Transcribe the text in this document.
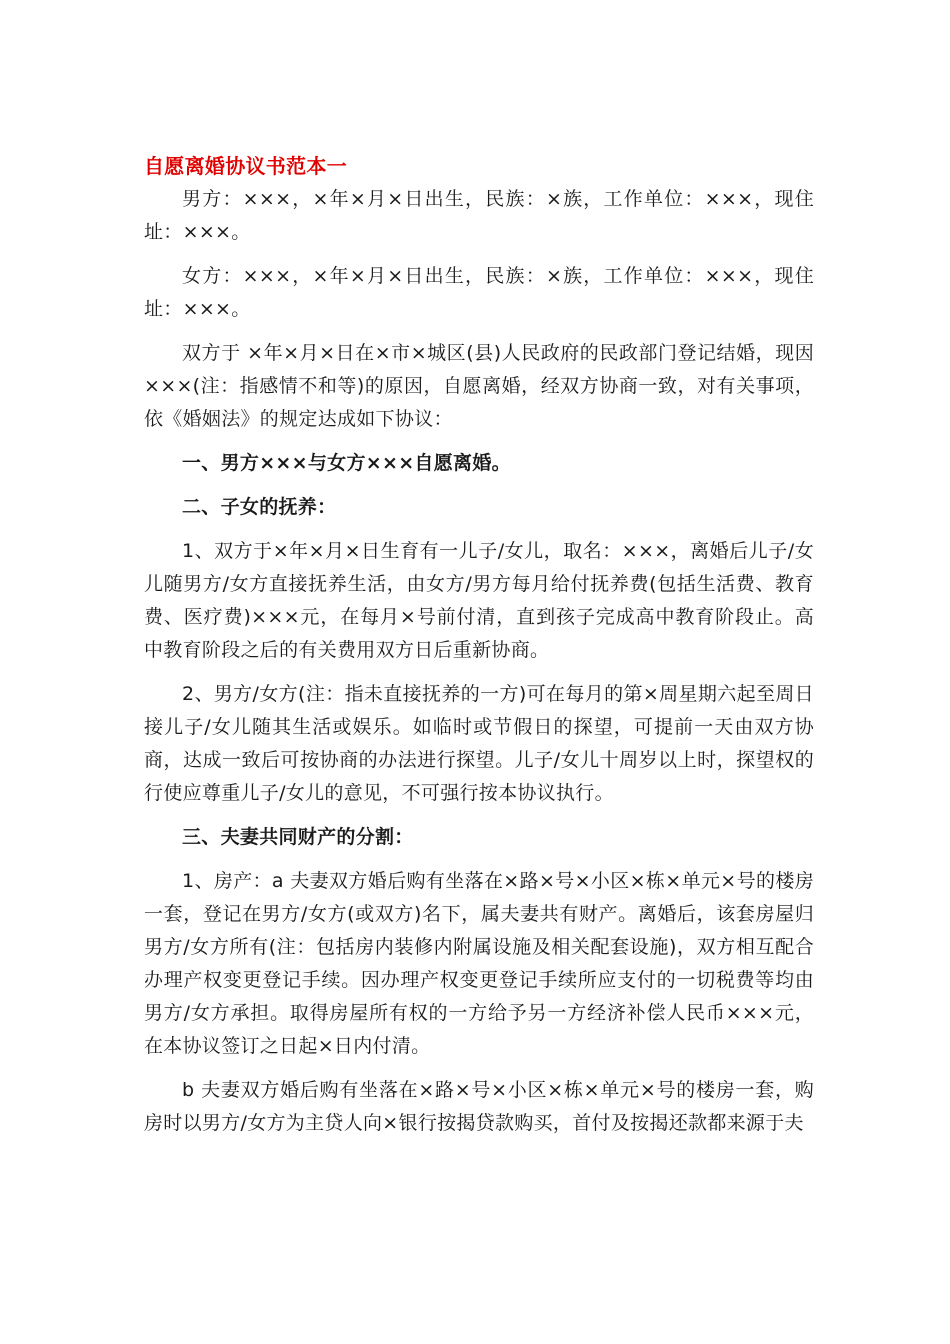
自愿离婚协议书范本一

男方：×××，×年×月×日出生，民族：×族，工作单位：×××，现住址：×××。

女方：×××，×年×月×日出生，民族：×族，工作单位：×××，现住址：×××。

双方于 ×年×月×日在×市×城区(县)人民政府的民政部门登记结婚，现因×××(注：指感情不和等)的原因，自愿离婚，经双方协商一致，对有关事项，依《婚姻法》的规定达成如下协议：

一、男方×××与女方×××自愿离婚。

二、子女的抚养：

1、双方于×年×月×日生育有一儿子/女儿，取名：×××，离婚后儿子/女儿随男方/女方直接抚养生活，由女方/男方每月给付抚养费(包括生活费、教育费、医疗费)×××元，在每月×号前付清，直到孩子完成高中教育阶段止。高中教育阶段之后的有关费用双方日后重新协商。

2、男方/女方(注：指未直接抚养的一方)可在每月的第×周星期六起至周日接儿子/女儿随其生活或娱乐。如临时或节假日的探望，可提前一天由双方协商，达成一致后可按协商的办法进行探望。儿子/女儿十周岁以上时，探望权的行使应尊重儿子/女儿的意见，不可强行按本协议执行。

三、夫妻共同财产的分割：

1、房产：a 夫妻双方婚后购有坐落在×路×号×小区×栋×单元×号的楼房一套，登记在男方/女方(或双方)名下，属夫妻共有财产。离婚后，该套房屋归男方/女方所有(注：包括房内装修内附属设施及相关配套设施)，双方相互配合办理产权变更登记手续。因办理产权变更登记手续所应支付的一切税费等均由男方/女方承担。取得房屋所有权的一方给予另一方经济补偿人民币×××元，在本协议签订之日起×日内付清。

b 夫妻双方婚后购有坐落在×路×号×小区×栋×单元×号的楼房一套，购房时以男方/女方为主贷人向×银行按揭贷款购买，首付及按揭还款都来源于夫
